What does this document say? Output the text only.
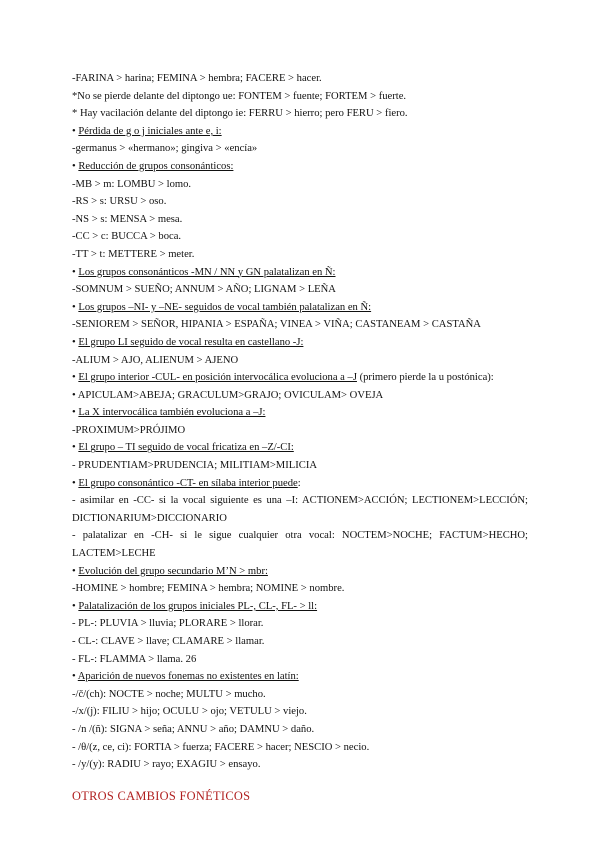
-FARINA > harina; FEMINA > hembra; FACERE > hacer.
*No se pierde delante del diptongo ue: FONTEM > fuente; FORTEM > fuerte.
* Hay vacilación delante del diptongo ie: FERRU > hierro; pero FERU > fiero.
• Pérdida de g o j iniciales ante e, i:
-germanus > «hermano»; gingiva > «encía»
• Reducción de grupos consonánticos:
-MB > m: LOMBU > lomo.
-RS > s: URSU > oso.
-NS > s: MENSA > mesa.
-CC > c: BUCCA > boca.
-TT > t: METTERE > meter.
• Los grupos consonánticos -MN / NN y GN palatalizan en Ñ:
-SOMNUM > SUEÑO; ANNUM > AÑO; LIGNAM > LEÑA
• Los grupos –NI- y –NE- seguidos de vocal también palatalizan en Ñ:
-SENIOREM > SEÑOR, HIPANIA > ESPAÑA; VINEA > VIÑA; CASTANEAM > CASTAÑA
• El grupo LI seguido de vocal resulta en castellano -J:
-ALIUM > AJO, ALIENUM > AJENO
• El grupo interior -CUL- en posición intervocálica evoluciona a –J (primero pierde la u postónica):
• APICULAM>ABEJA; GRACULUM>GRAJO; OVICULAM> OVEJA
• La X intervocálica también evoluciona a –J:
-PROXIMUM>PRÓJIMO
• El grupo – TI seguido de vocal fricatiza en –Z/-CI:
- PRUDENTIAM>PRUDENCIA; MILITIAM>MILICIA
• El grupo consonántico -CT- en sílaba interior puede:
- asimilar en -CC- si la vocal siguiente es una –I: ACTIONEM>ACCIÓN; LECTIONEM>LECCIÓN;
DICTIONARIUM>DICCIONARIO
- palatalizar en -CH- si le sigue cualquier otra vocal: NOCTEM>NOCHE; FACTUM>HECHO;
LACTEM>LECHE
• Evolución del grupo secundario M’N > mbr:
-HOMINE > hombre; FEMINA > hembra; NOMINE > nombre.
• Palatalización de los grupos iniciales PL-, CL-, FL- > ll:
- PL-: PLUVIA > lluvia; PLORARE > llorar.
- CL-: CLAVE > llave; CLAMARE > llamar.
- FL-: FLAMMA > llama. 26
• Aparición de nuevos fonemas no existentes en latín:
-/č/(ch): NOCTE > noche; MULTU > mucho.
-/x/(j): FILIU > hijo; OCULU > ojo; VETULU > viejo.
- /n /(ñ): SIGNA > seña; ANNU > año; DAMNU > daño.
- /θ/(z, ce, ci): FORTIA > fuerza; FACERE > hacer; NESCIO > necio.
- /y/(y): RADIU > rayo; EXAGIU > ensayo.
OTROS CAMBIOS FONÉTICOS
